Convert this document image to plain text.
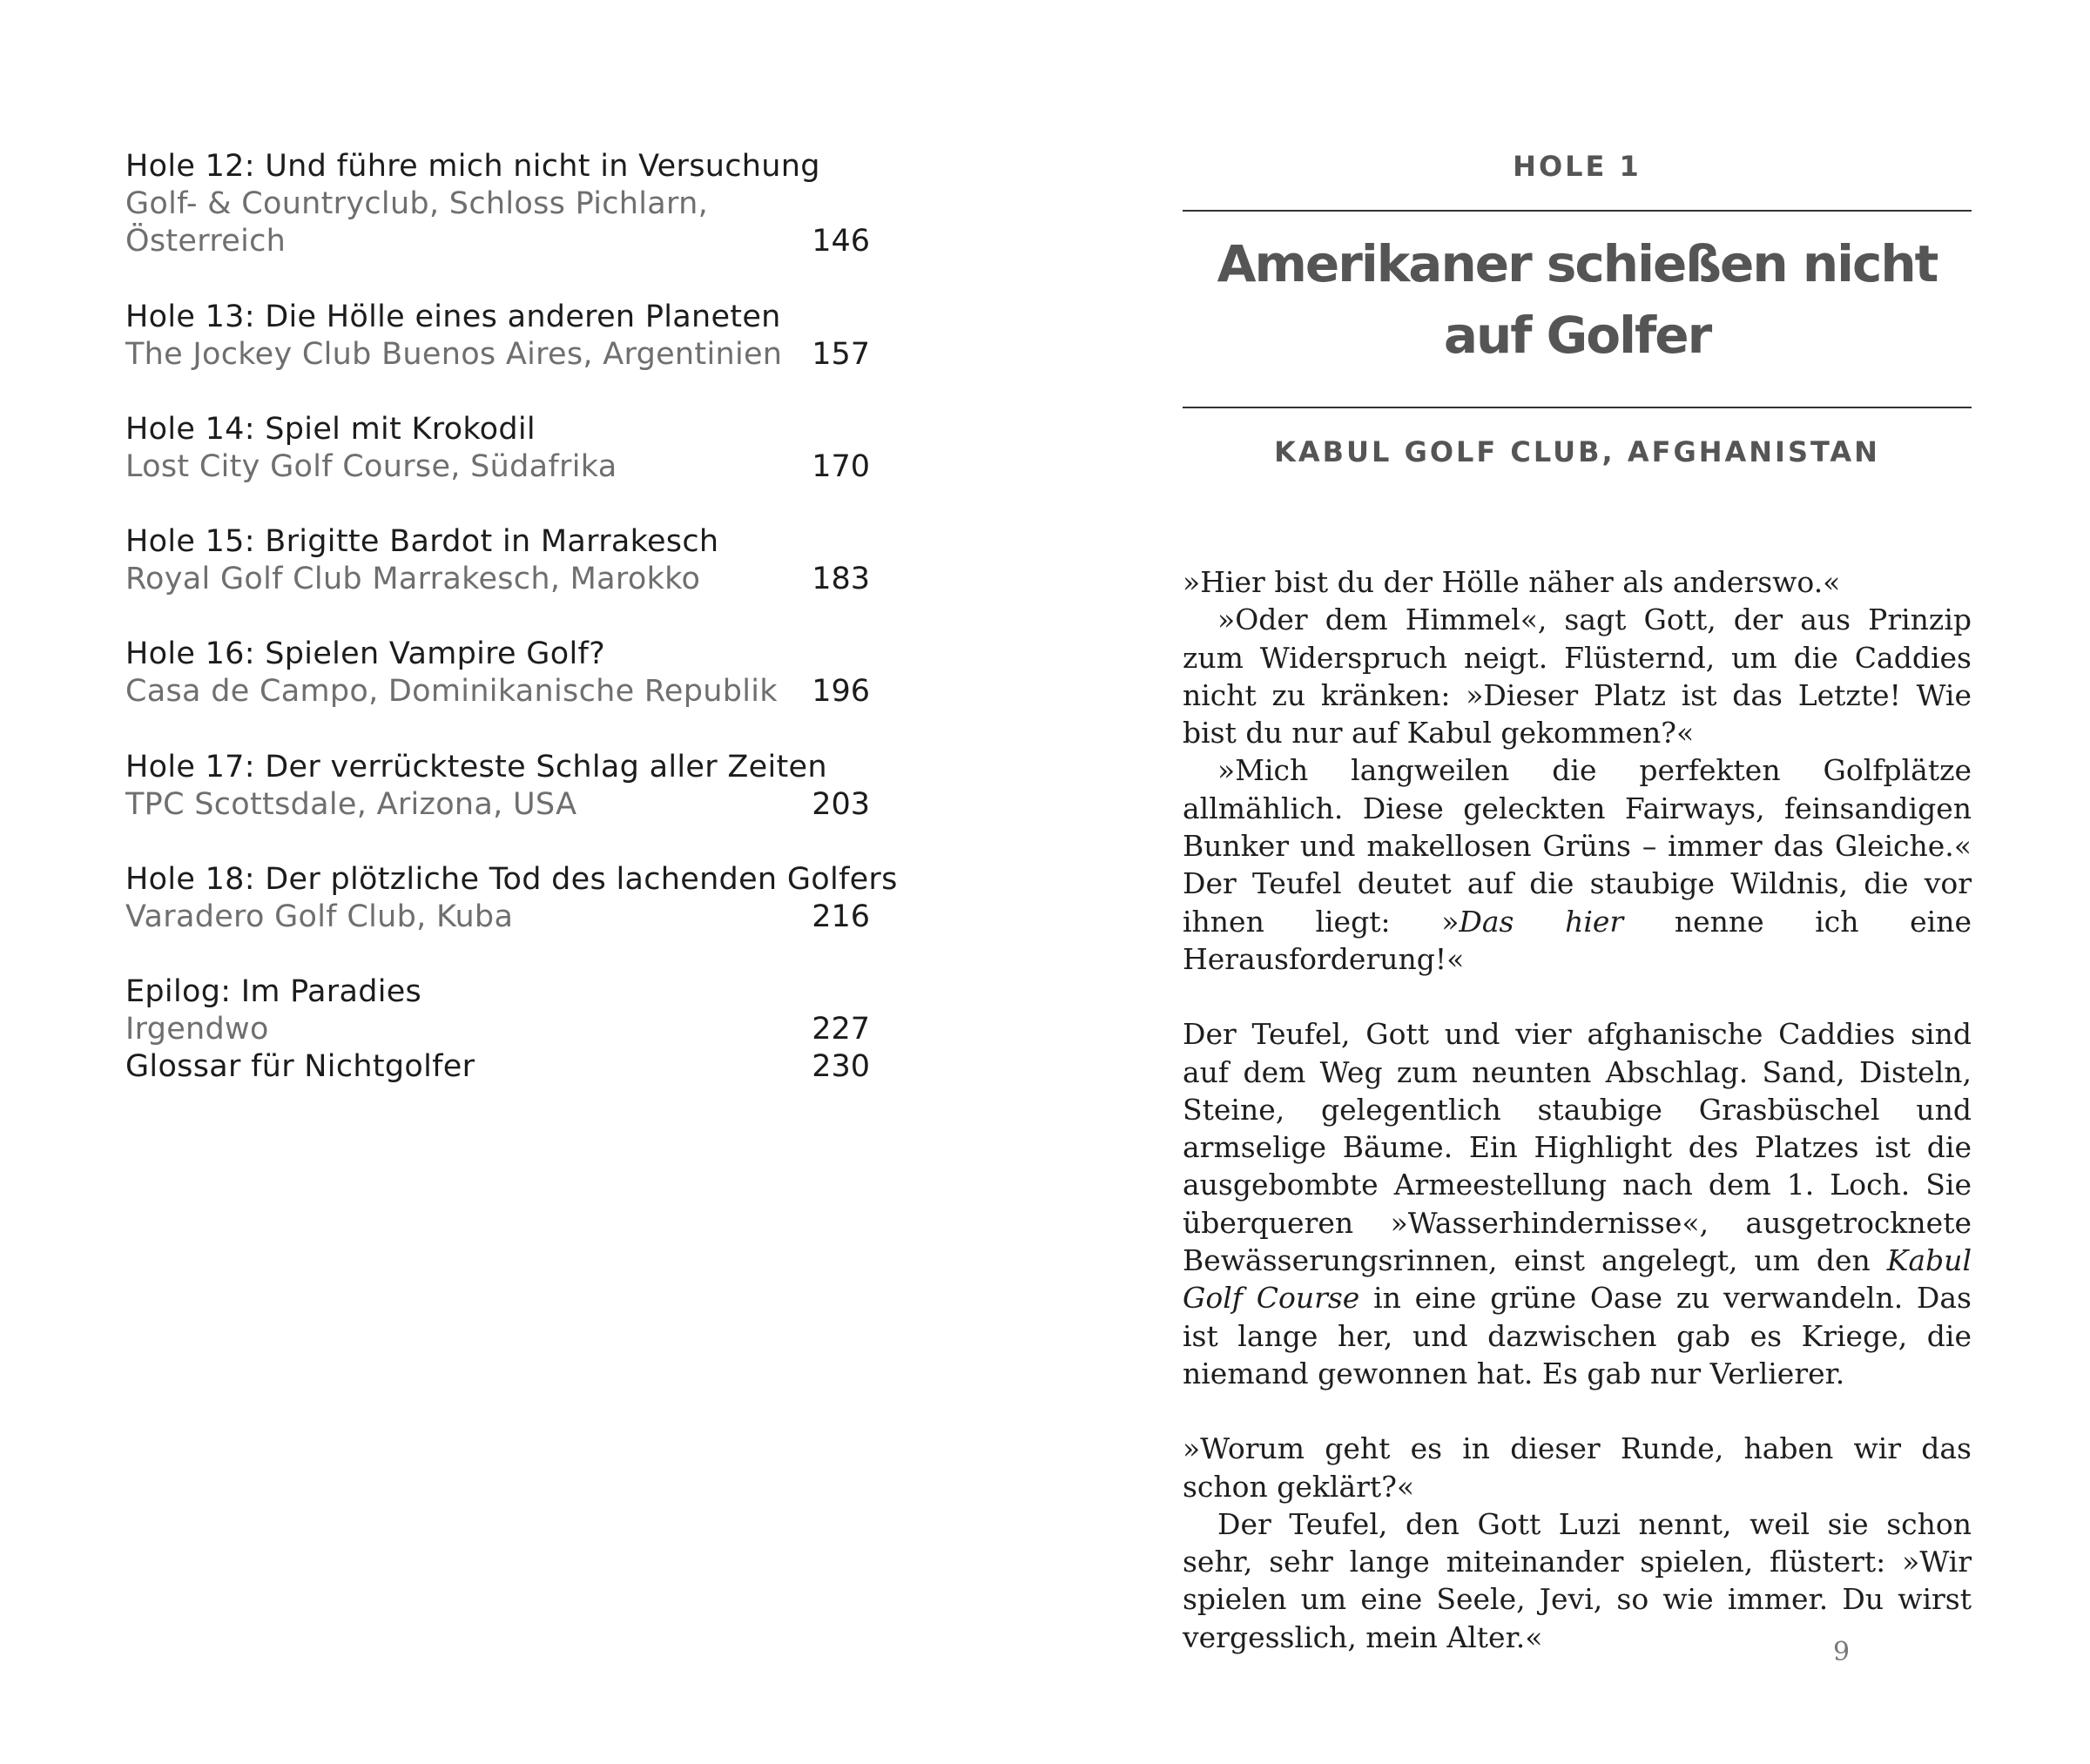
Hole 12: Und führe mich nicht in Versuchung
Golf- & Countryclub, Schloss Pichlarn,
Österreich	146
Hole 13: Die Hölle eines anderen Planeten
The Jockey Club Buenos Aires, Argentinien 157
Hole 14: Spiel mit Krokodil
Lost City Golf Course, Südafrika	170
Hole 15: Brigitte Bardot in Marrakesch
Royal Golf Club Marrakesch, Marokko	183
Hole 16: Spielen Vampire Golf?
Casa de Campo, Dominikanische Republik	196
Hole 17: Der verrückteste Schlag aller Zeiten
TPC Scottsdale, Arizona, USA	203
Hole 18: Der plötzliche Tod des lachenden Golfers
Varadero Golf Club, Kuba	216
Epilog: Im Paradies
Irgendwo	227
Glossar für Nichtgolfer	230
HOLE 1
Amerikaner schießen nicht auf Golfer
KABUL GOLF CLUB, AFGHANISTAN

»Hier bist du der Hölle näher als anderswo.«

»Oder dem Himmel«, sagt Gott, der aus Prinzip zum Widerspruch neigt. Flüsternd, um die Caddies nicht zu kränken: »Dieser Platz ist das Letzte! Wie bist du nur auf Kabul gekommen?«

»Mich langweilen die perfekten Golfplätze allmählich. Diese geleckten Fairways, feinsandigen Bunker und makellosen Grüns – immer das Gleiche.« Der Teufel deutet auf die staubige Wildnis, die vor ihnen liegt: »Das hier nenne ich eine Herausforderung!«

Der Teufel, Gott und vier afghanische Caddies sind auf dem Weg zum neunten Abschlag. Sand, Disteln, Steine, gelegentlich staubige Grasbüschel und armselige Bäume. Ein Highlight des Platzes ist die ausgebombte Armeestellung nach dem 1. Loch. Sie überqueren »Wasserhindernisse«, ausgetrocknete Bewässerungsrinnen, einst angelegt, um den Kabul Golf Course in eine grüne Oase zu verwandeln. Das ist lange her, und dazwischen gab es Kriege, die niemand gewonnen hat. Es gab nur Verlierer.

»Worum geht es in dieser Runde, haben wir das schon geklärt?«

Der Teufel, den Gott Luzi nennt, weil sie schon sehr, sehr lange miteinander spielen, flüstert: »Wir spielen um eine Seele, Jevi, so wie immer. Du wirst vergesslich, mein Alter.«	9
